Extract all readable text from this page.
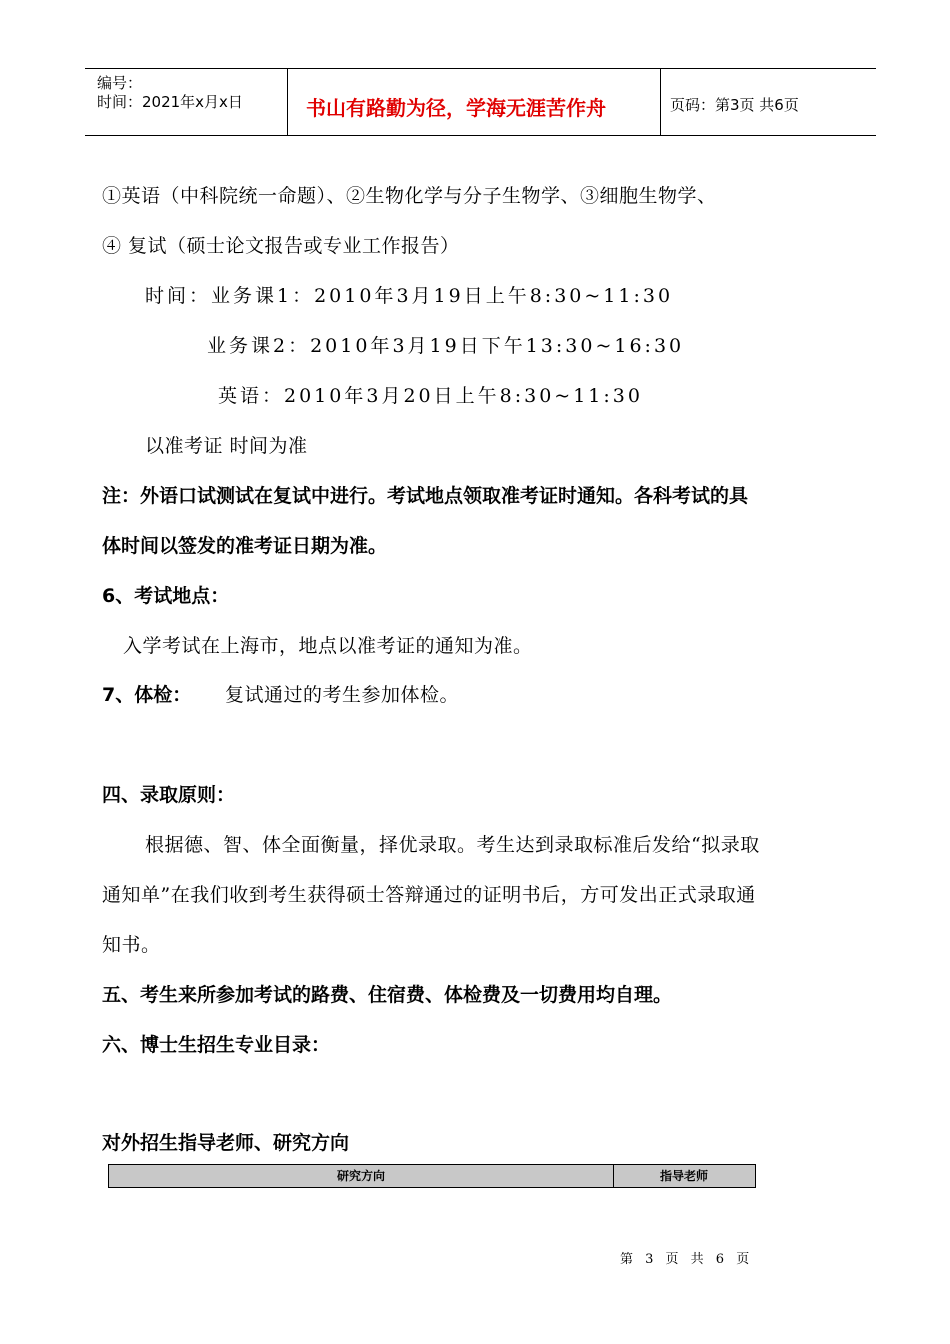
编号：
时间：2021年x月x日	书山有路勤为径，学海无涯苦作舟	页码：第3页 共6页
①英语（中科院统一命题）、②生物化学与分子生物学、③细胞生物学、
④ 复试（硕士论文报告或专业工作报告）
时间：业务课1：2010年3月19日上午8:30~11:30
业务课2：2010年3月19日下午13:30~16:30
英语：2010年3月20日上午8:30~11:30
以准考证 时间为准
注：外语口试测试在复试中进行。考试地点领取准考证时通知。各科考试的具
体时间以签发的准考证日期为准。
6、考试地点：
入学考试在上海市，地点以准考证的通知为准。
7、体检： 复试通过的考生参加体检。
四、录取原则：
根据德、智、体全面衡量，择优录取。考生达到录取标准后发给“拟录取
通知单”在我们收到考生获得硕士答辩通过的证明书后，方可发出正式录取通
知书。
五、考生来所参加考试的路费、住宿费、体检费及一切费用均自理。
六、博士生招生专业目录：
对外招生指导老师、研究方向
研究方向	指导老师
第 3 页 共 6 页
